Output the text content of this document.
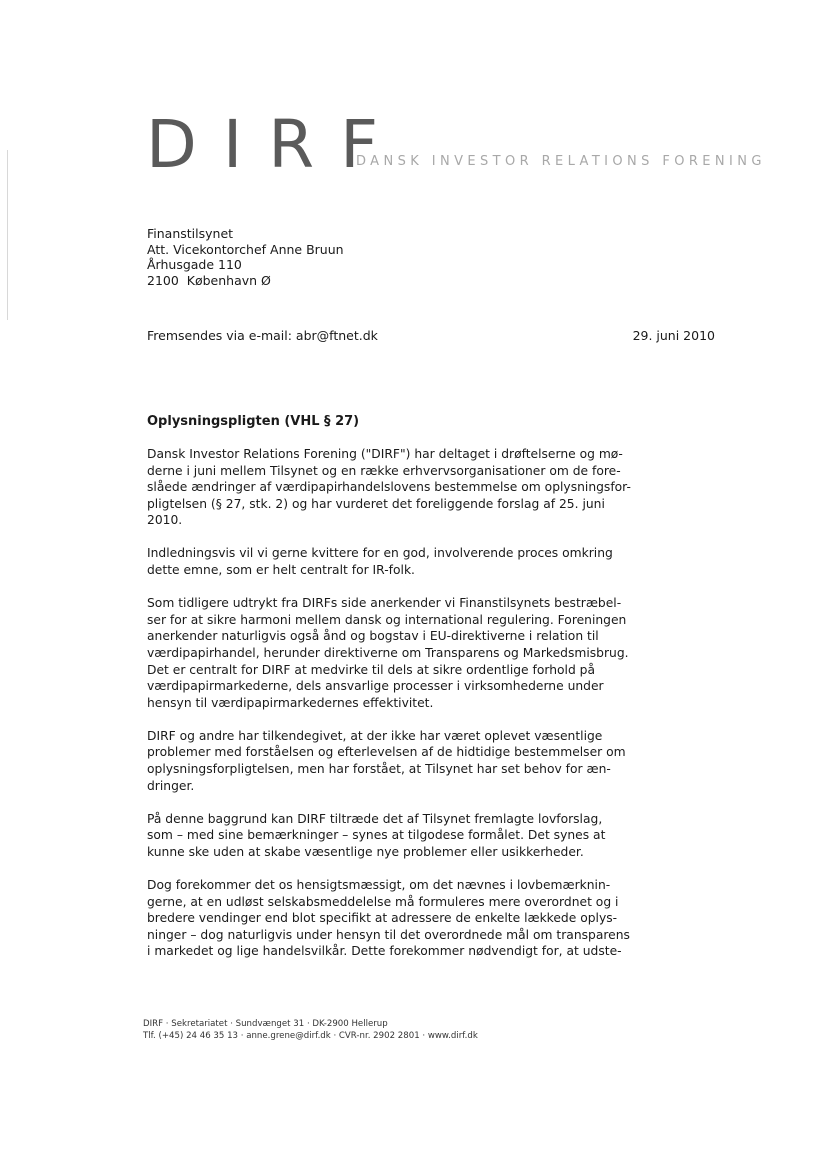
DIRF
DANSK INVESTOR RELATIONS FORENING
Finanstilsynet
Att. Vicekontorchef Anne Bruun
Århusgade 110
2100  København Ø
Fremsendes via e-mail: abr@ftnet.dk	29. juni 2010
Oplysningspligten (VHL § 27)
Dansk Investor Relations Forening ("DIRF") har deltaget i drøftelserne og mø-
derne i juni mellem Tilsynet og en række erhvervsorganisationer om de fore-
slåede ændringer af værdipapirhandelslovens bestemmelse om oplysningsfor-
pligtelsen (§ 27, stk. 2) og har vurderet det foreliggende forslag af 25. juni
2010.
Indledningsvis vil vi gerne kvittere for en god, involverende proces omkring
dette emne, som er helt centralt for IR-folk.
Som tidligere udtrykt fra DIRFs side anerkender vi Finanstilsynets bestræbel-
ser for at sikre harmoni mellem dansk og international regulering. Foreningen
anerkender naturligvis også ånd og bogstav i EU-direktiverne i relation til
værdipapirhandel, herunder direktiverne om Transparens og Markedsmisbrug.
Det er centralt for DIRF at medvirke til dels at sikre ordentlige forhold på
værdipapirmarkederne, dels ansvarlige processer i virksomhederne under
hensyn til værdipapirmarkedernes effektivitet.
DIRF og andre har tilkendegivet, at der ikke har været oplevet væsentlige
problemer med forståelsen og efterlevelsen af de hidtidige bestemmelser om
oplysningsforpligtelsen, men har forstået, at Tilsynet har set behov for æn-
dringer.
På denne baggrund kan DIRF tiltræde det af Tilsynet fremlagte lovforslag,
som – med sine bemærkninger – synes at tilgodese formålet. Det synes at
kunne ske uden at skabe væsentlige nye problemer eller usikkerheder.
Dog forekommer det os hensigtsmæssigt, om det nævnes i lovbemærknin-
gerne, at en udløst selskabsmeddelelse må formuleres mere overordnet og i
bredere vendinger end blot specifikt at adressere de enkelte lækkede oplys-
ninger – dog naturligvis under hensyn til det overordnede mål om transparens
i markedet og lige handelsvilkår. Dette forekommer nødvendigt for, at udste-
DIRF · Sekretariatet · Sundvænget 31 · DK-2900 Hellerup
Tlf. (+45) 24 46 35 13 · anne.grene@dirf.dk · CVR-nr. 2902 2801 · www.dirf.dk
